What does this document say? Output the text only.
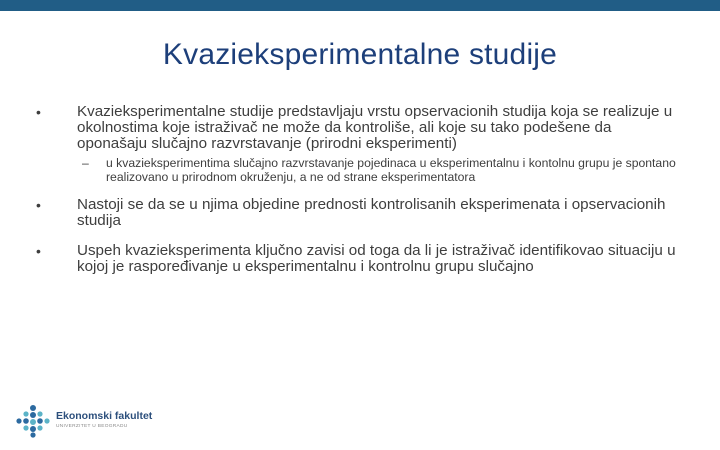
Kvazieksperimentalne studije
• Kvazieksperimentalne studije predstavljaju vrstu opservacionih studija koja se realizuje u okolnostima koje istraživač ne može da kontroliše, ali koje su tako podešene da oponašaju slučajno razvrstavanje (prirodni eksperimenti)
– u kvazieksperimentima slučajno razvrstavanje pojedinaca u eksperimentalnu i kontolnu grupu je spontano realizovano u prirodnom okruženju, a ne od strane eksperimentatora
• Nastoji se da se u njima objedine prednosti kontrolisanih eksperimenata i opservacionih studija
• Uspeh kvazieksperimenta ključno zavisi od toga da li je istraživač identifikovao situaciju u kojoj je raspoređivanje u eksperimentalnu i kontrolnu grupu slučajno
Ekonomski fakultet
UNIVERZITET U BEOGRADU
